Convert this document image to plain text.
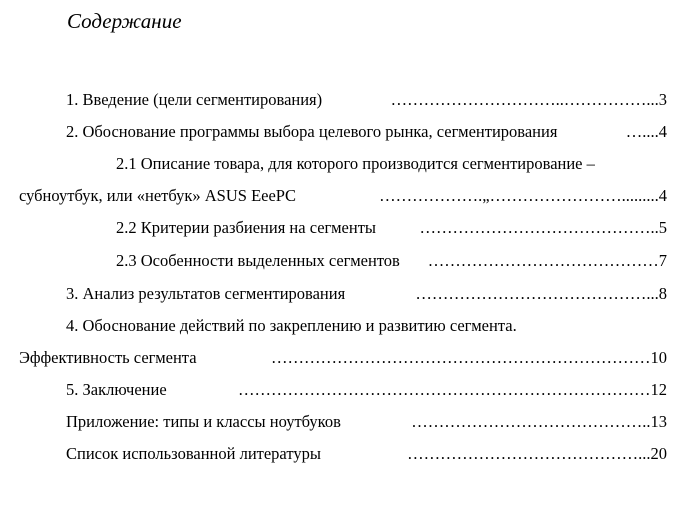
Содержание
1. Введение (цели сегментирования)	…………………………..……………... 3
2. Обоснование программы выбора целевого рынка, сегментирования	….... 4
2.1 Описание товара, для которого производится сегментирование –
субноутбук, или «нетбук» ASUS EeePC	……………….„……………………......... 4
2.2 Критерии разбиения на сегменты	…………………………………….. 5
2.3 Особенности выделенных сегментов	…………………………………… 7
3. Анализ результатов сегментирования	……………………………………... 8
4. Обоснование действий по закреплению и развитию сегмента.
Эффективность сегмента	…………………………………………………………… 10
5. Заключение	………………………………………………………………… 12
Приложение: типы и классы ноутбуков	…………………………………….. 13
Список использованной литературы	……………………………………... 20
